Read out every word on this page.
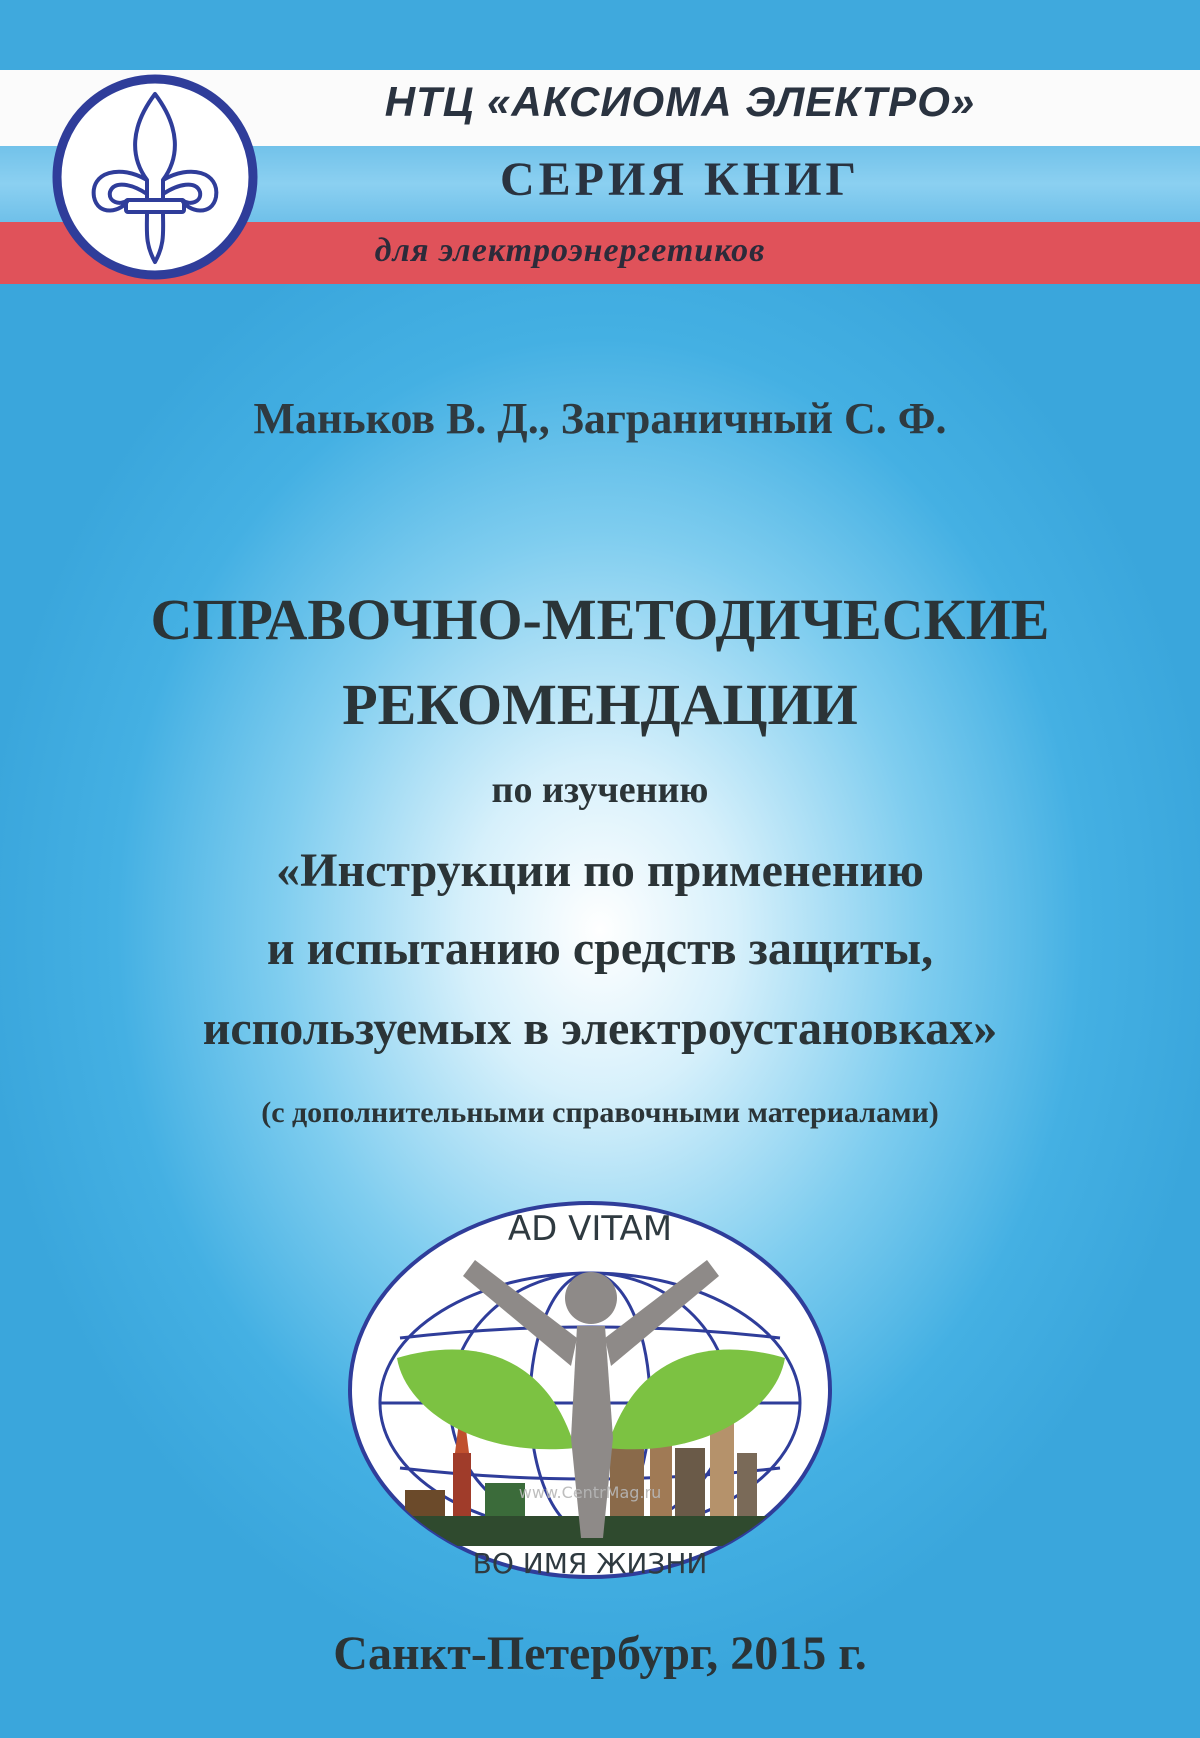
НТЦ «АКСИОМА ЭЛЕКТРО»
СЕРИЯ КНИГ
для электроэнергетиков
Маньков В. Д., Заграничный С. Ф.
СПРАВОЧНО-МЕТОДИЧЕСКИЕ
РЕКОМЕНДАЦИИ
по изучению
«Инструкции по применению
и испытанию средств защиты,
используемых в электроустановках»
(с дополнительными справочными материалами)
AD VITAM
ВО ИМЯ ЖИЗНИ
www.CentrMag.ru
Санкт-Петербург, 2015 г.
